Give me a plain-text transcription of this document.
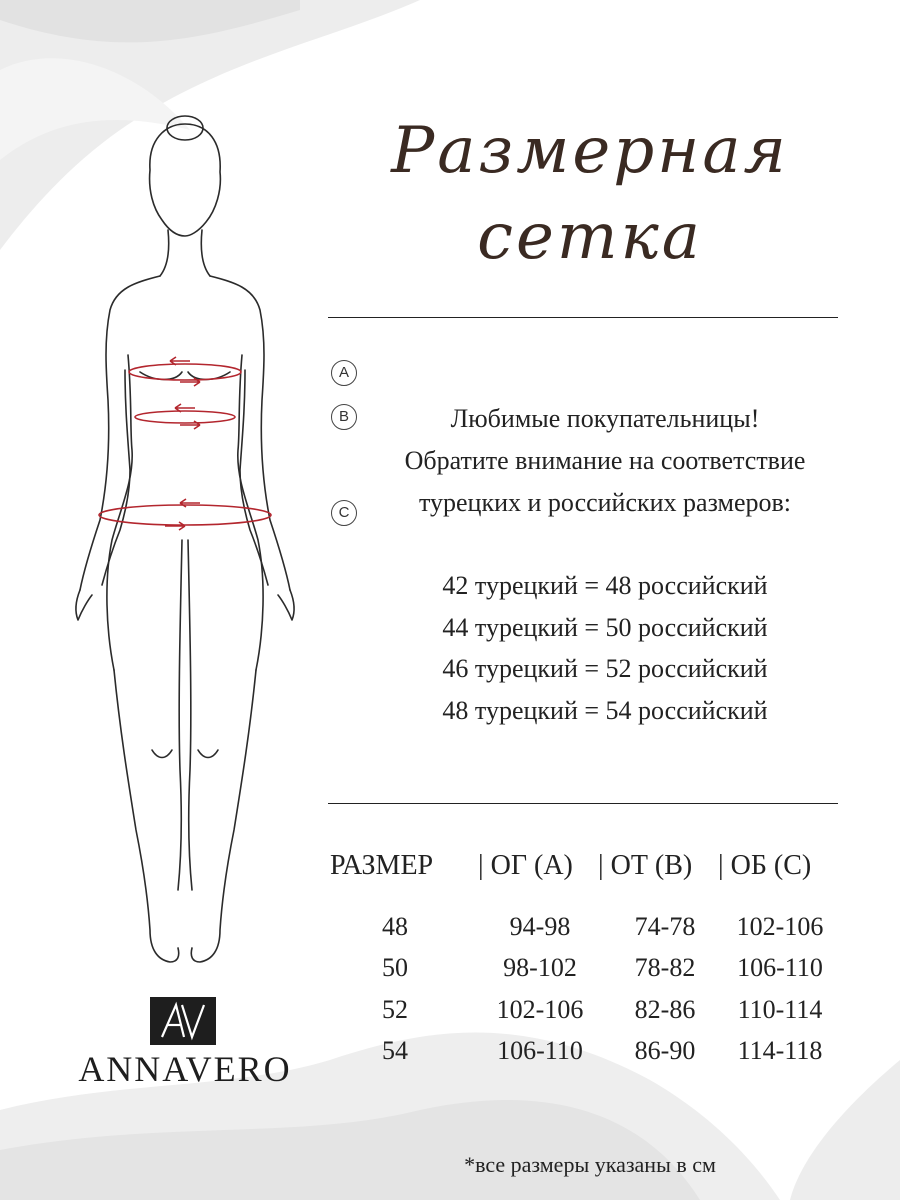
Размерная
сетка
A
B
C
Любимые покупательницы!
Обратите внимание на соответствие
турецких и российских размеров:
42 турецкий = 48 российский
44 турецкий = 50 российский
46 турецкий = 52 российский
48 турецкий = 54 российский
РАЗМЕР | ОГ (А) | ОТ (В) | ОБ (С)
48	94-98	74-78	102-106
50	98-102	78-82	106-110
52	102-106	82-86	110-114
54	106-110	86-90	114-118
ANNAVERO
*все размеры указаны в см
